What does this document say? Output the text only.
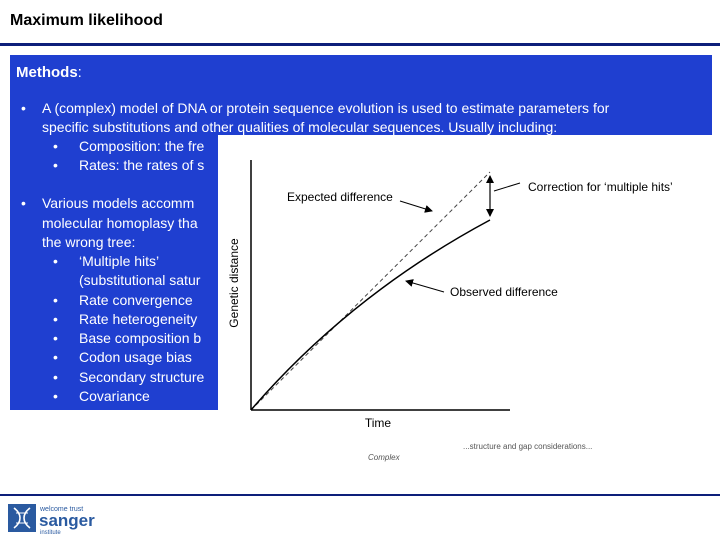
Maximum likelihood
Methods:
• A (complex) model of DNA or protein sequence evolution is used to estimate parameters for
specific substitutions and other qualities of molecular sequences. Usually including:
• Composition: the fre
• Rates: the rates of s
• Various models accomm
molecular homoplasy tha
the wrong tree:
• ‘Multiple hits’
(substitutional satur
• Rate convergence
• Rate heterogeneity
• Base composition b
• Codon usage bias
• Secondary structure
• Covariance
Genetic distance
Time
Expected difference
Correction for ‘multiple hits’
Observed difference
...structure and gap considerations...
Complex
welcome trust
sanger
institute
